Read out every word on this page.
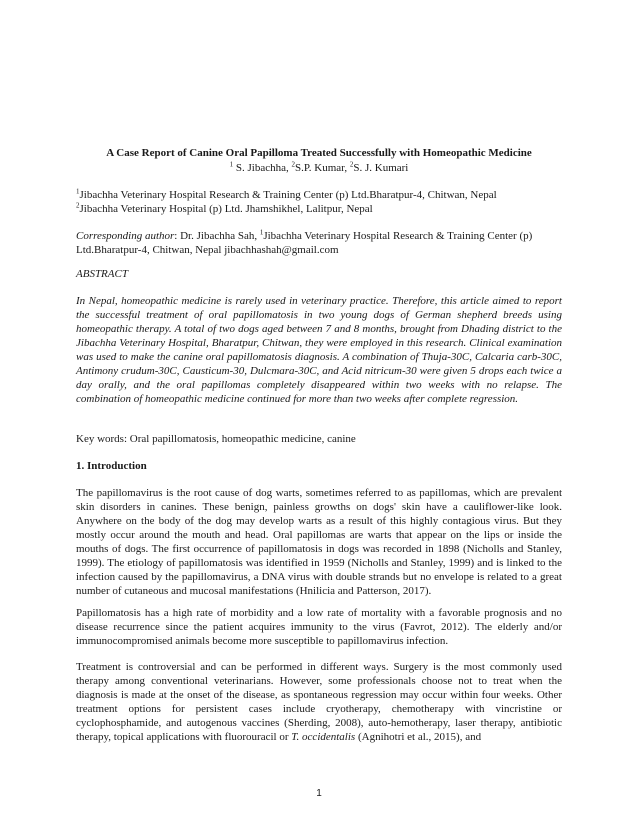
A Case Report of Canine Oral Papilloma Treated Successfully with Homeopathic Medicine

$^1$ S. Jibachha, $^2$S.P. Kumar, $^2$S. J. Kumari

$^1$Jibachha Veterinary Hospital Research & Training Center (p) Ltd.Bharatpur-4, Chitwan, Nepal
$^2$Jibachha Veterinary Hospital (p) Ltd. Jhamshikhel, Lalitpur, Nepal

Corresponding author: Dr. Jibachha Sah, $^1$Jibachha Veterinary Hospital Research & Training Center (p) Ltd.Bharatpur-4, Chitwan, Nepal jibachhashah@gmail.com

ABSTRACT

In Nepal, homeopathic medicine is rarely used in veterinary practice. Therefore, this article aimed to report the successful treatment of oral papillomatosis in two young dogs of German shepherd breeds using homeopathic therapy. A total of two dogs aged between 7 and 8 months, brought from Dhading district to the Jibachha Veterinary Hospital, Bharatpur, Chitwan, they were employed in this research. Clinical examination was used to make the canine oral papillomatosis diagnosis. A combination of Thuja-30C, Calcaria carb-30C, Antimony crudum-30C, Causticum-30, Dulcmara-30C, and Acid nitricum-30 were given 5 drops each twice a day orally, and the oral papillomas completely disappeared within two weeks with no relapse. The combination of homeopathic medicine continued for more than two weeks after complete regression.

Key words: Oral papillomatosis, homeopathic medicine, canine

1. Introduction

The papillomavirus is the root cause of dog warts, sometimes referred to as papillomas, which are prevalent skin disorders in canines. These benign, painless growths on dogs' skin have a cauliflower-like look. Anywhere on the body of the dog may develop warts as a result of this highly contagious virus. But they mostly occur around the mouth and head. Oral papillomas are warts that appear on the lips or inside the mouths of dogs. The first occurrence of papillomatosis in dogs was recorded in 1898 (Nicholls and Stanley, 1999). The etiology of papillomatosis was identified in 1959 (Nicholls and Stanley, 1999) and is linked to the infection caused by the papillomavirus, a DNA virus with double strands but no envelope is related to a great number of cutaneous and mucosal manifestations (Hnilicia and Patterson, 2017).

Papillomatosis has a high rate of morbidity and a low rate of mortality with a favorable prognosis and no disease recurrence since the patient acquires immunity to the virus (Favrot, 2012). The elderly and/or immunocompromised animals become more susceptible to papillomavirus infection.

Treatment is controversial and can be performed in different ways. Surgery is the most commonly used therapy among conventional veterinarians. However, some professionals choose not to treat when the diagnosis is made at the onset of the disease, as spontaneous regression may occur within four weeks. Other treatment options for persistent cases include cryotherapy, chemotherapy with vincristine or cyclophosphamide, and autogenous vaccines (Sherding, 2008), auto-hemotherapy, laser therapy, antibiotic therapy, topical applications with fluorouracil or T. occidentalis (Agnihotri et al., 2015), and

1
